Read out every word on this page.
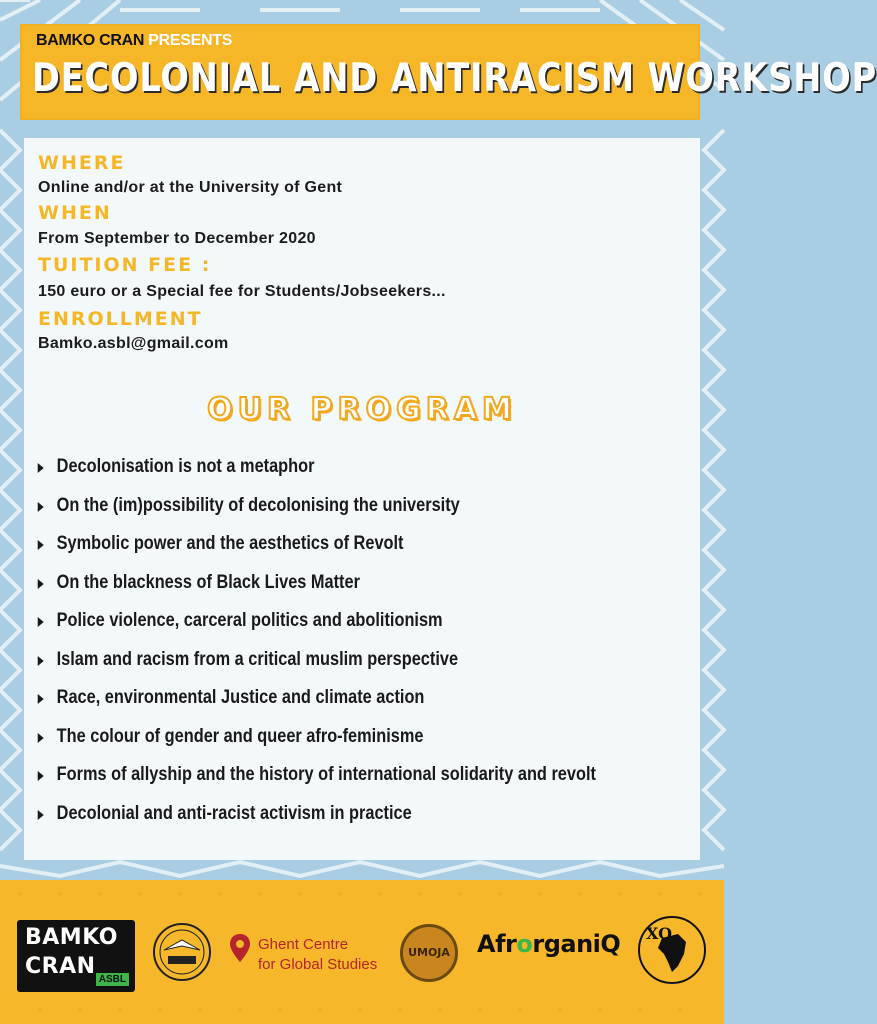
BAMKO CRAN PRESENTS
DECOLONIAL AND ANTIRACISM WORKSHOP
WHERE
Online and/or at the University of Gent
WHEN
From September to December 2020
TUITION FEE :
150 euro or a Special fee for Students/Jobseekers...
ENROLLMENT
Bamko.asbl@gmail.com
OUR PROGRAM
Decolonisation is not a metaphor
On the (im)possibility of decolonising the university
Symbolic power and the aesthetics of Revolt
On the blackness of Black Lives Matter
Police violence, carceral politics and abolitionism
Islam and racism from a critical muslim perspective
Race, environmental Justice and climate action
The colour of gender and queer afro-feminisme
Forms of allyship and the history of international solidarity and revolt
Decolonial and anti-racist activism in practice
BAMKO
CRAN
ASBL
Ghent Centre
for Global Studies
UMOJA AfrorganiQ XO
